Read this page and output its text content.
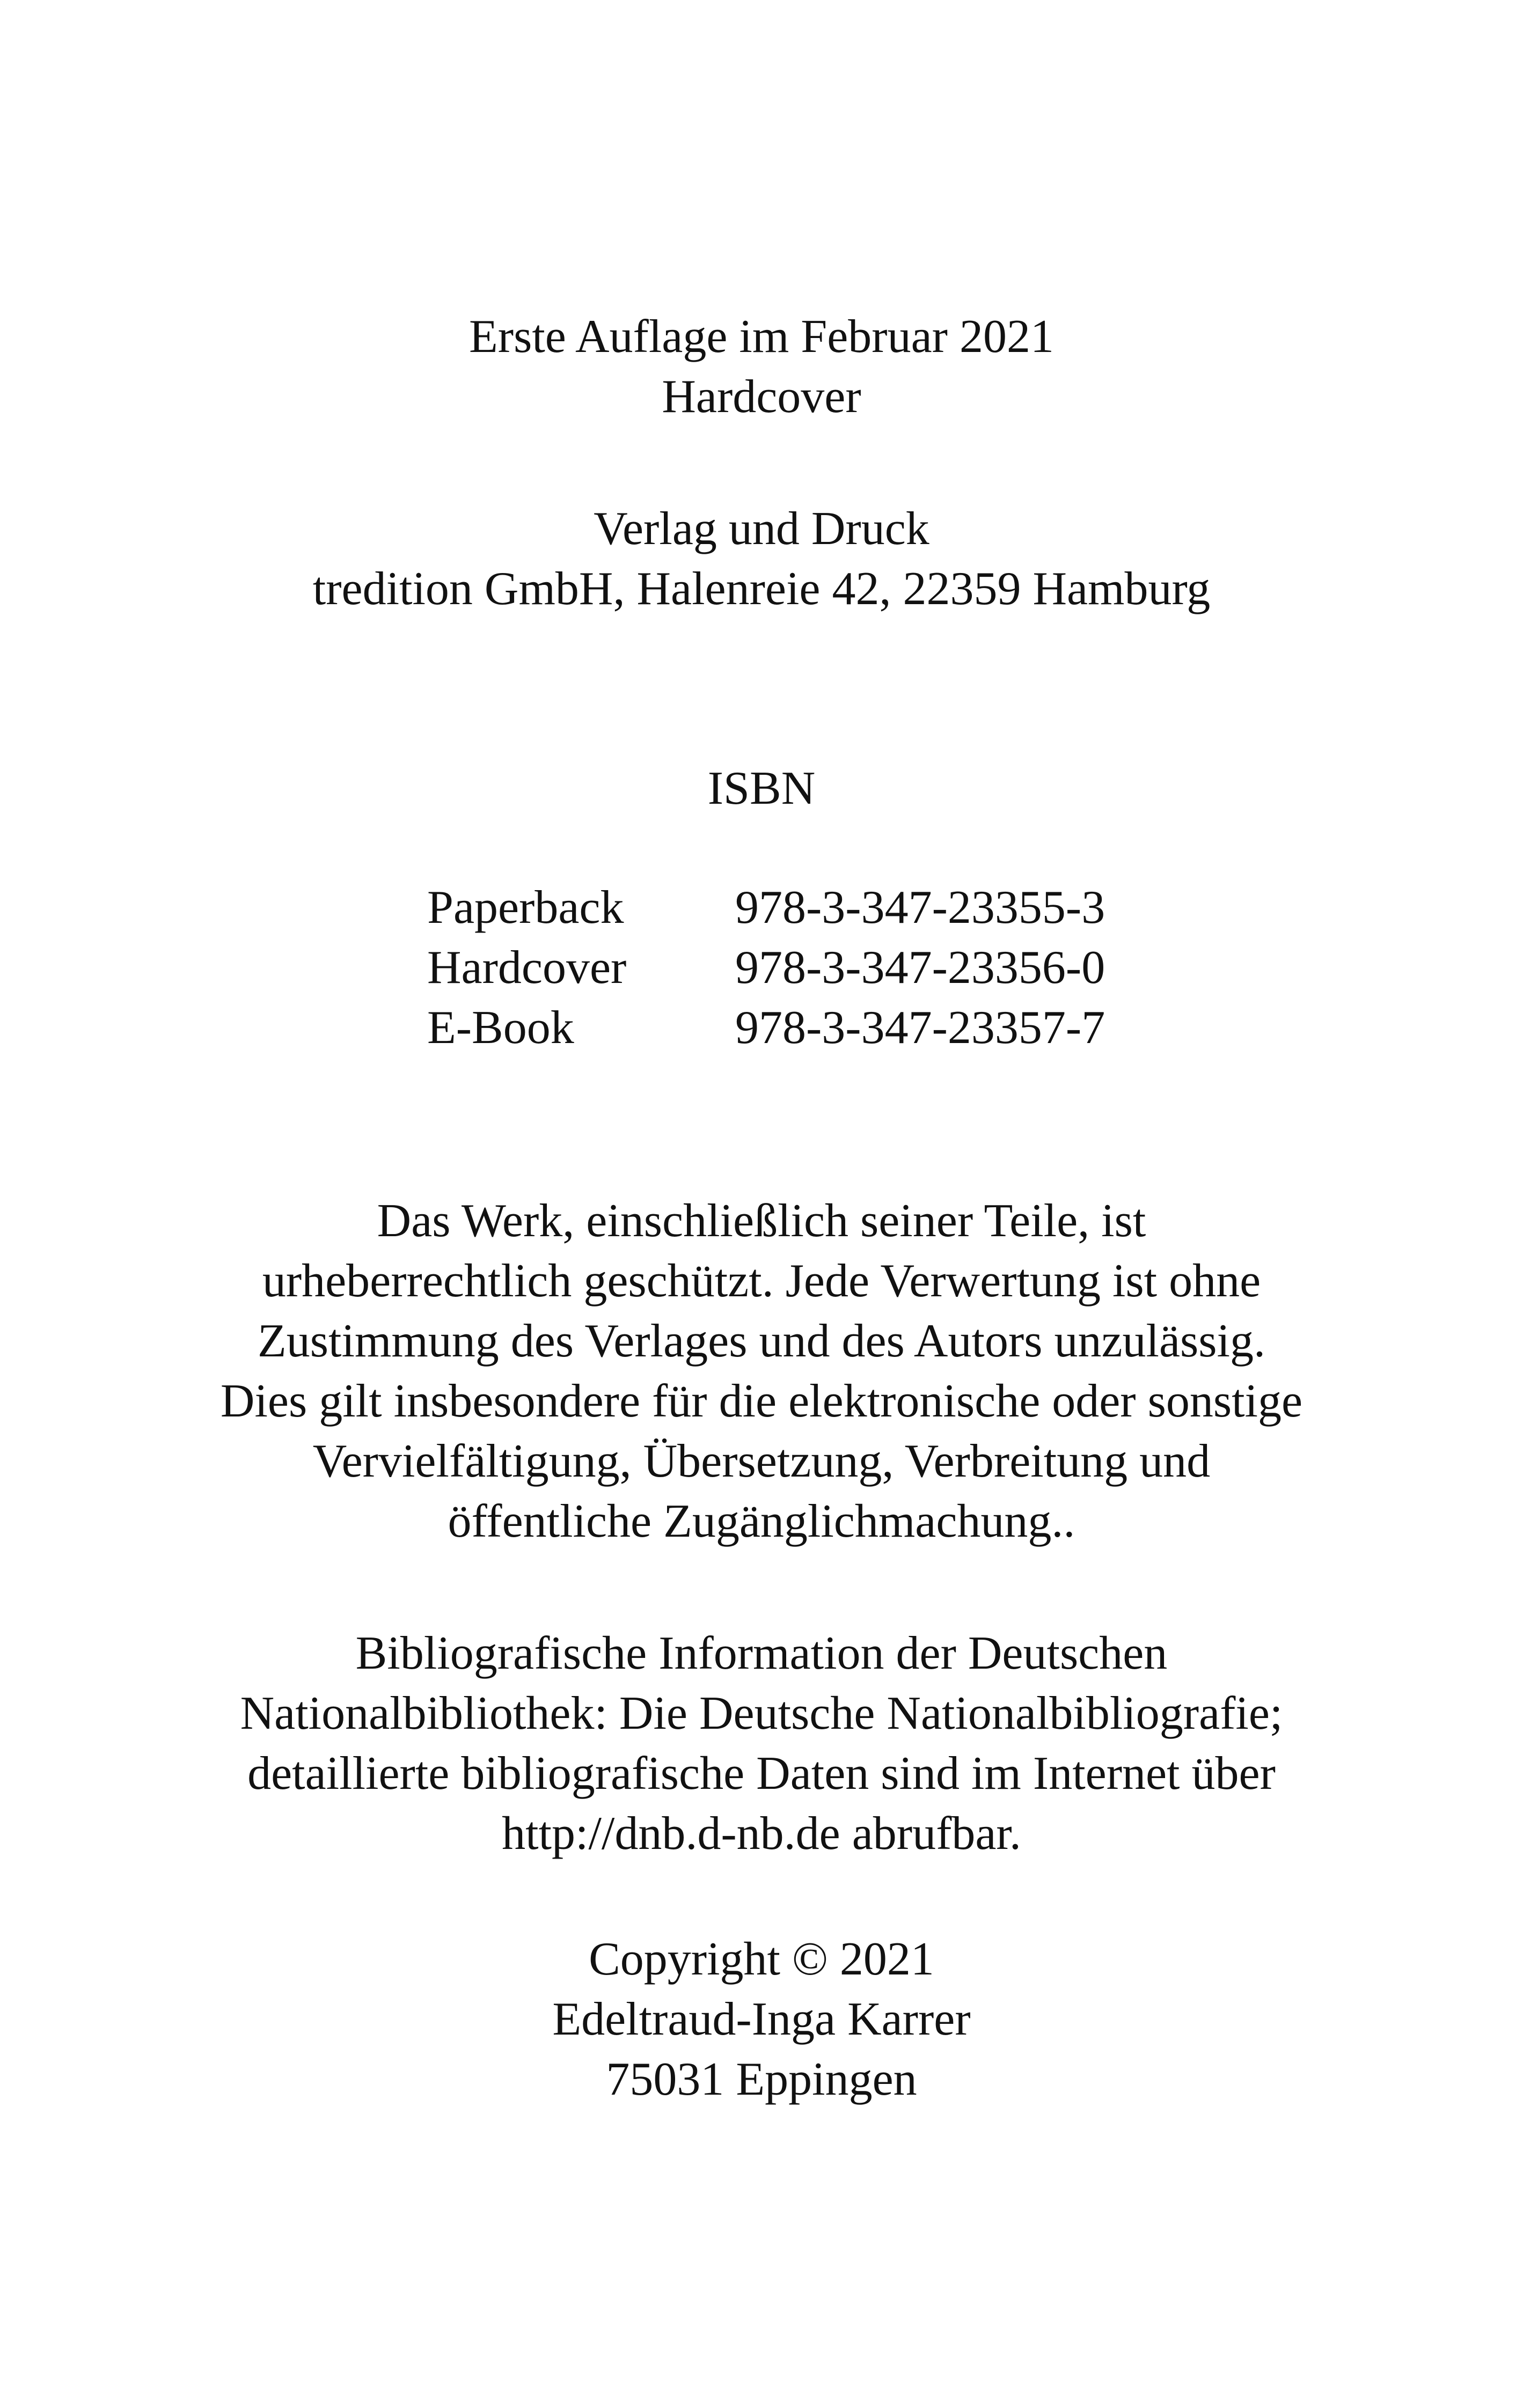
Erste Auflage im Februar 2021

Hardcover

Verlag und Druck

tredition GmbH, Halenreie 42, 22359 Hamburg

ISBN

Paperback 978-3-347-23355-3
Hardcover 978-3-347-23356-0
E-Book	978-3-347-23357-7

Das Werk, einschließlich seiner Teile, ist

urheberrechtlich geschützt. Jede Verwertung ist ohne

Zustimmung des Verlages und des Autors unzulässig.

Dies gilt insbesondere für die elektronische oder sonstige

Vervielfältigung, Übersetzung, Verbreitung und

öffentliche Zugänglichmachung..

Bibliografische Information der Deutschen

Nationalbibliothek: Die Deutsche Nationalbibliografie;

detaillierte bibliografische Daten sind im Internet über

http://dnb.d-nb.de abrufbar.

Copyright © 2021

Edeltraud-Inga Karrer

75031 Eppingen
